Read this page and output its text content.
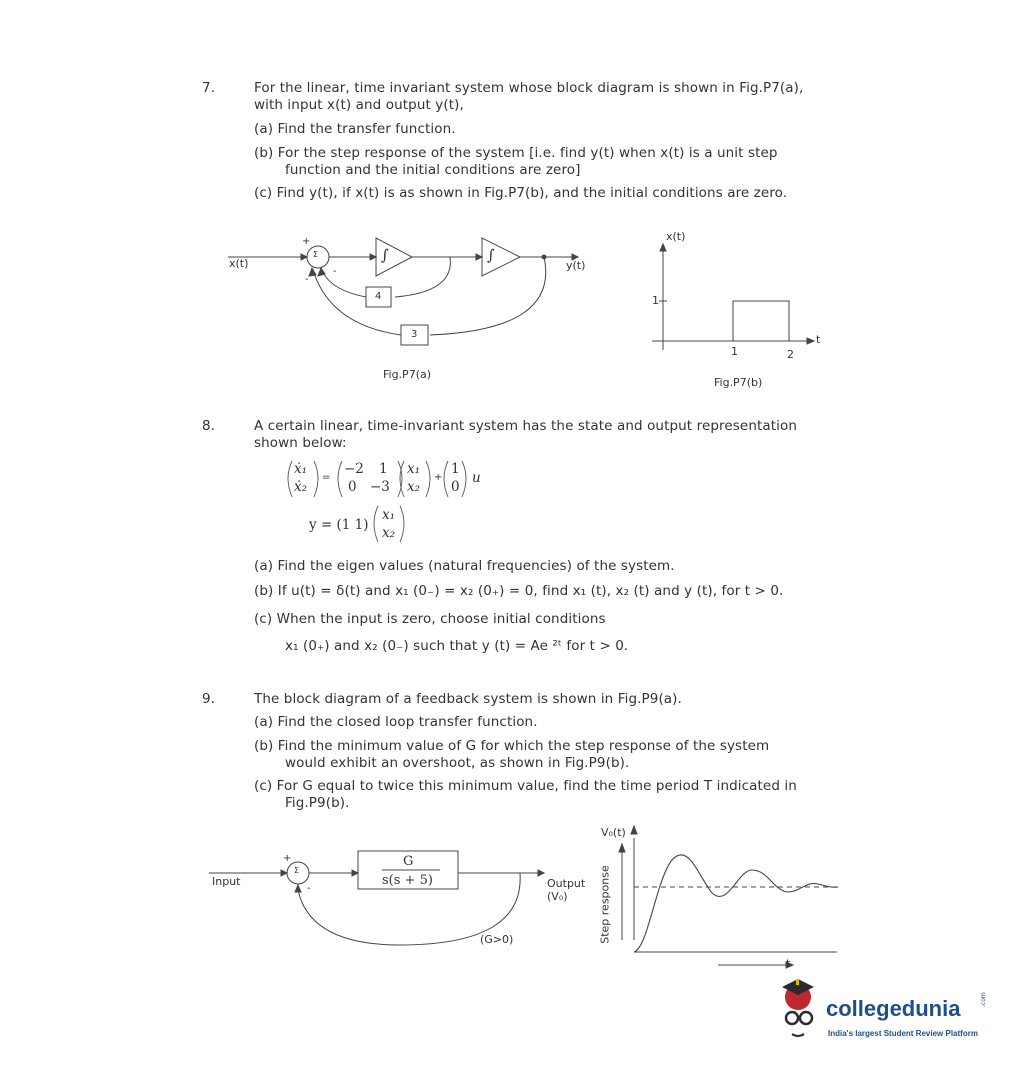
7.	For the linear, time invariant system whose block diagram is shown in Fig.P7(a),
with input x(t) and output y(t),
(a) Find the transfer function.
(b) For the step response of the system [i.e. find y(t) when x(t) is a unit step
function and the initial conditions are zero]
(c) Find y(t), if x(t) is as shown in Fig.P7(b), and the initial conditions are zero.
x(t)	y(t)
Σ
+
-
-
∫	∫
4
3
Fig.P7(a)
x(t)
1
1	2
t
Fig.P7(b)
8.	A certain linear, time-invariant system has the state and output representation
shown below:
ẋ₁
ẋ₂
=
−2 1
0 −3
x₁
x₂
+
1
0
u
y = (1 1)
x₁
x₂
(a) Find the eigen values (natural frequencies) of the system.
(b) If u(t) = δ(t) and x₁ (0₋) = x₂ (0₊) = 0, find x₁ (t), x₂ (t) and y (t), for t > 0.
(c) When the input is zero, choose initial conditions
x₁ (0₊) and x₂ (0₋) such that y (t) = Ae ²ᵗ for t > 0.
9.	The block diagram of a feedback system is shown in Fig.P9(a).
(a) Find the closed loop transfer function.
(b) Find the minimum value of G for which the step response of the system
would exhibit an overshoot, as shown in Fig.P9(b).
(c) For G equal to twice this minimum value, find the time period T indicated in
Fig.P9(b).
Input
Σ
+
-
G
s(s + 5)	Output
(V₀)
(G>0)
V₀(t)
Step response
t
collegedunia	.com
India's largest Student Review Platform
